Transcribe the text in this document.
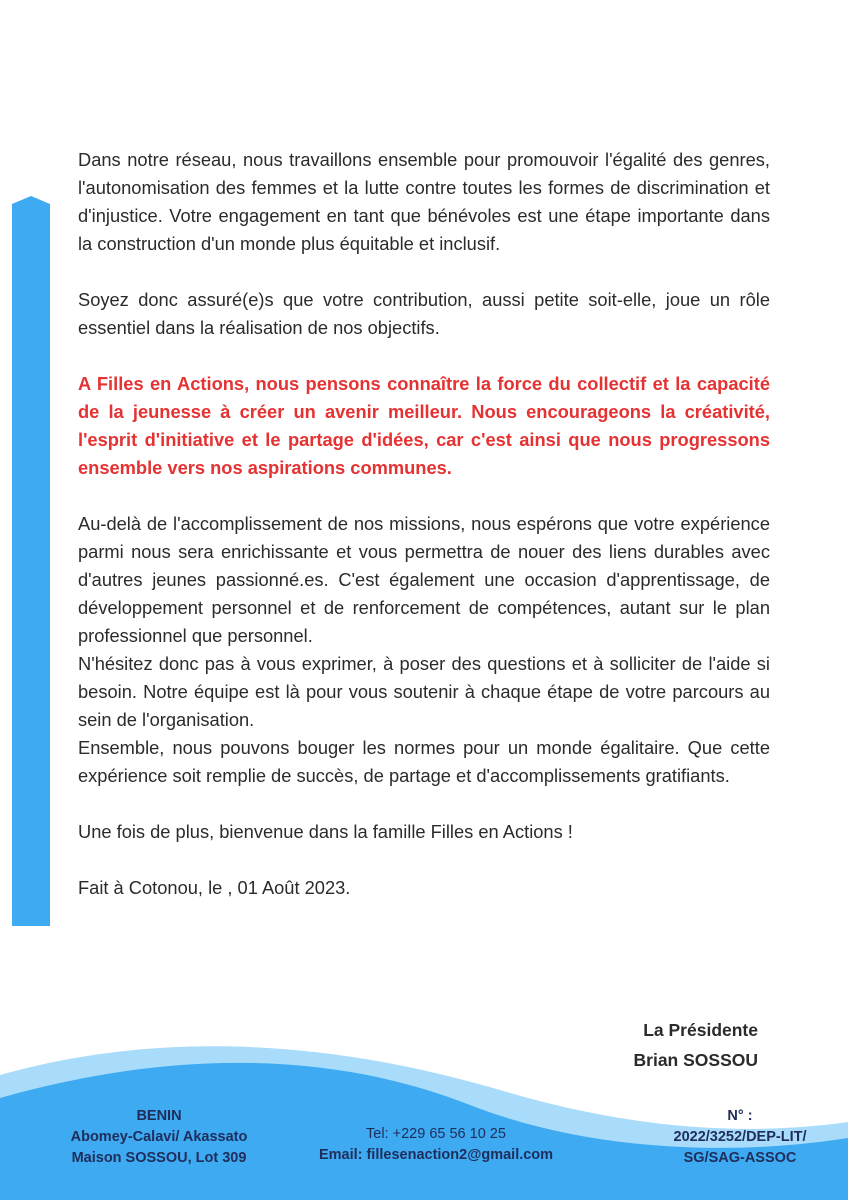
Dans notre réseau, nous travaillons ensemble pour promouvoir l'égalité des genres, l'autonomisation des femmes et la lutte contre toutes les formes de discrimination et d'injustice. Votre engagement en tant que bénévoles est une étape importante dans la construction d'un monde plus équitable et inclusif.

Soyez donc assuré(e)s que votre contribution, aussi petite soit-elle, joue un rôle essentiel dans la réalisation de nos objectifs.

A Filles en Actions, nous pensons connaître la force du collectif et la capacité de la jeunesse à créer un avenir meilleur. Nous encourageons la créativité, l'esprit d'initiative et le partage d'idées, car c'est ainsi que nous progressons ensemble vers nos aspirations communes.

Au-delà de l'accomplissement de nos missions, nous espérons que votre expérience parmi nous sera enrichissante et vous permettra de nouer des liens durables avec d'autres jeunes passionné.es. C'est également une occasion d'apprentissage, de développement personnel et de renforcement de compétences, autant sur le plan professionnel que personnel.

N'hésitez donc pas à vous exprimer, à poser des questions et à solliciter de l'aide si besoin. Notre équipe est là pour vous soutenir à chaque étape de votre parcours au sein de l'organisation.

Ensemble, nous pouvons bouger les normes pour un monde égalitaire. Que cette expérience soit remplie de succès, de partage et d'accomplissements gratifiants.

Une fois de plus, bienvenue dans la famille Filles en Actions !

Fait à Cotonou, le , 01 Août 2023.

La Présidente
Brian SOSSOU
BENIN
Abomey-Calavi/ Akassato
Maison SOSSOU, Lot 309
Tel: +229 65 56 10 25
Email: fillesenaction2@gmail.com
N° :
2022/3252/DEP-LIT/
SG/SAG-ASSOC
